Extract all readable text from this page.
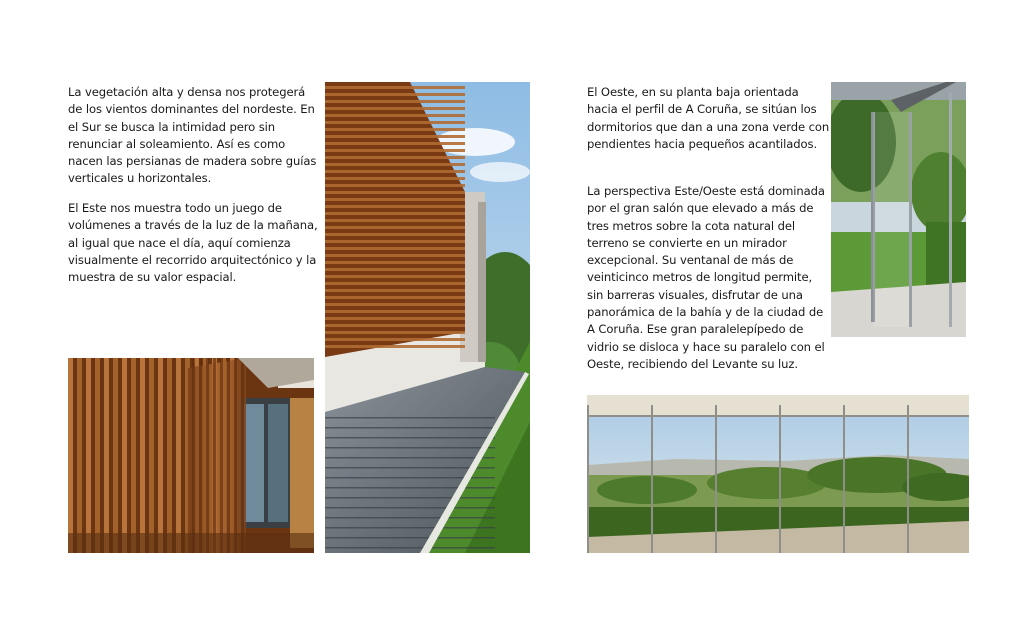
La vegetación alta y densa nos protegerá de los vientos dominantes del nordeste. En el Sur se busca la intimidad pero sin renunciar al soleamiento. Así es como nacen las persianas de madera sobre guías verticales u horizontales.

El Este nos muestra todo un juego de volúmenes a través de la luz de la mañana, al igual que nace el día, aquí comienza visualmente el recorrido arquitectónico y la muestra de su valor espacial.

El Oeste, en su planta baja orientada hacia el perfil de A Coruña, se sitúan los dormitorios que dan a una zona verde con pendientes hacia pequeños acantilados.

La perspectiva Este/Oeste está dominada por el gran salón que elevado a más de tres metros sobre la cota natural del terreno se convierte en un mirador excepcional. Su ventanal de más de veinticinco metros de longitud permite, sin barreras visuales, disfrutar de una panorámica de la bahía y de la ciudad de A Coruña. Ese gran paralelepípedo de vidrio se disloca y hace su paralelo con el Oeste, recibiendo del Levante su luz.
